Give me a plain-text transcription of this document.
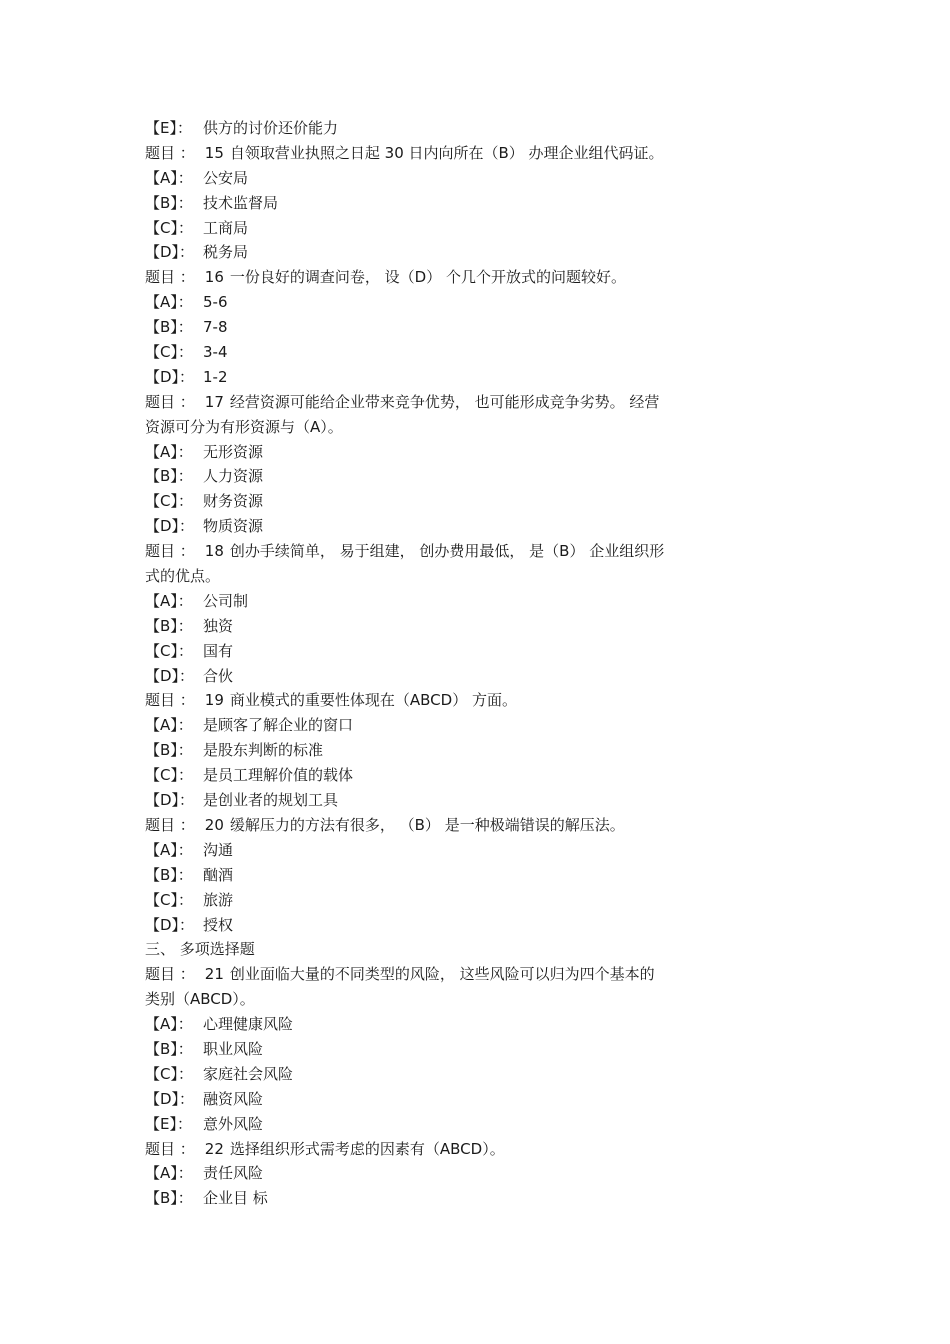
【E】： 供方的讨价还价能力
题目 ： 15 自领取营业执照之日起 30 日内向所在（B） 办理企业组代码证。
【A】： 公安局
【B】： 技术监督局
【C】： 工商局
【D】： 税务局
题目 ： 16 一份良好的调查问卷， 设（D） 个几个开放式的问题较好。
【A】： 5-6
【B】： 7-8
【C】： 3-4
【D】： 1-2
题目 ： 17 经营资源可能给企业带来竞争优势， 也可能形成竞争劣势。 经营
资源可分为有形资源与（A）。
【A】： 无形资源
【B】： 人力资源
【C】： 财务资源
【D】： 物质资源
题目 ： 18 创办手续简单， 易于组建， 创办费用最低， 是（B） 企业组织形
式的优点。
【A】： 公司制
【B】： 独资
【C】： 国有
【D】： 合伙
题目 ： 19 商业模式的重要性体现在（ABCD） 方面。
【A】： 是顾客了解企业的窗口
【B】： 是股东判断的标准
【C】： 是员工理解价值的载体
【D】： 是创业者的规划工具
题目 ： 20 缓解压力的方法有很多， （B） 是一种极端错误的解压法。
【A】： 沟通
【B】： 酗酒
【C】： 旅游
【D】： 授权
三、 多项选择题
题目 ： 21 创业面临大量的不同类型的风险， 这些风险可以归为四个基本的
类别（ABCD）。
【A】： 心理健康风险
【B】： 职业风险
【C】： 家庭社会风险
【D】： 融资风险
【E】： 意外风险
题目 ： 22 选择组织形式需考虑的因素有（ABCD）。
【A】： 责任风险
【B】： 企业目 标
